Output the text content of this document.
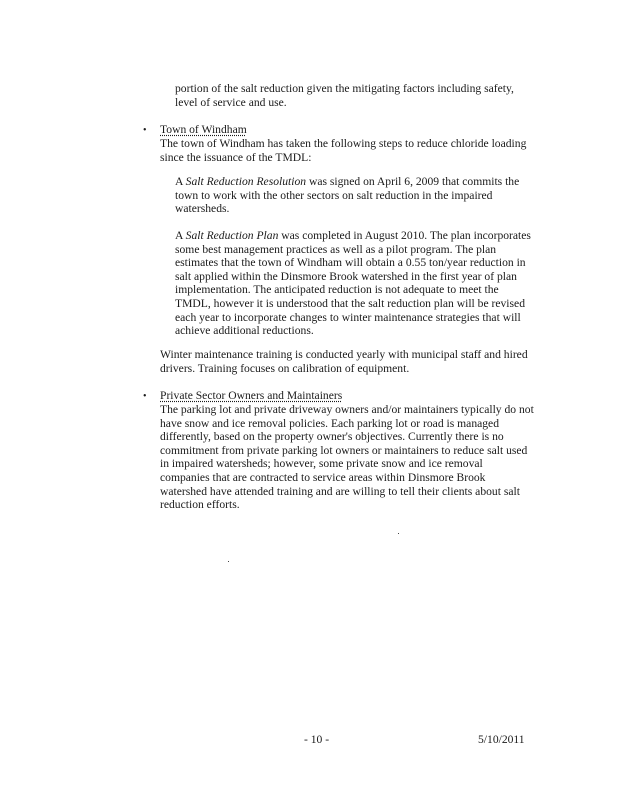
portion of the salt reduction given the mitigating factors including safety, level of service and use.

• Town of Windham

The town of Windham has taken the following steps to reduce chloride loading since the issuance of the TMDL:

A Salt Reduction Resolution was signed on April 6, 2009 that commits the town to work with the other sectors on salt reduction in the impaired watersheds.

A Salt Reduction Plan was completed in August 2010. The plan incorporates some best management practices as well as a pilot program. The plan estimates that the town of Windham will obtain a 0.55 ton/year reduction in salt applied within the Dinsmore Brook watershed in the first year of plan implementation. The anticipated reduction is not adequate to meet the TMDL, however it is understood that the salt reduction plan will be revised each year to incorporate changes to winter maintenance strategies that will achieve additional reductions.

Winter maintenance training is conducted yearly with municipal staff and hired drivers. Training focuses on calibration of equipment.

• Private Sector Owners and Maintainers

The parking lot and private driveway owners and/or maintainers typically do not have snow and ice removal policies. Each parking lot or road is managed differently, based on the property owner's objectives. Currently there is no commitment from private parking lot owners or maintainers to reduce salt used in impaired watersheds; however, some private snow and ice removal companies that are contracted to service areas within Dinsmore Brook watershed have attended training and are willing to tell their clients about salt reduction efforts.

- 10 -	5/10/2011
